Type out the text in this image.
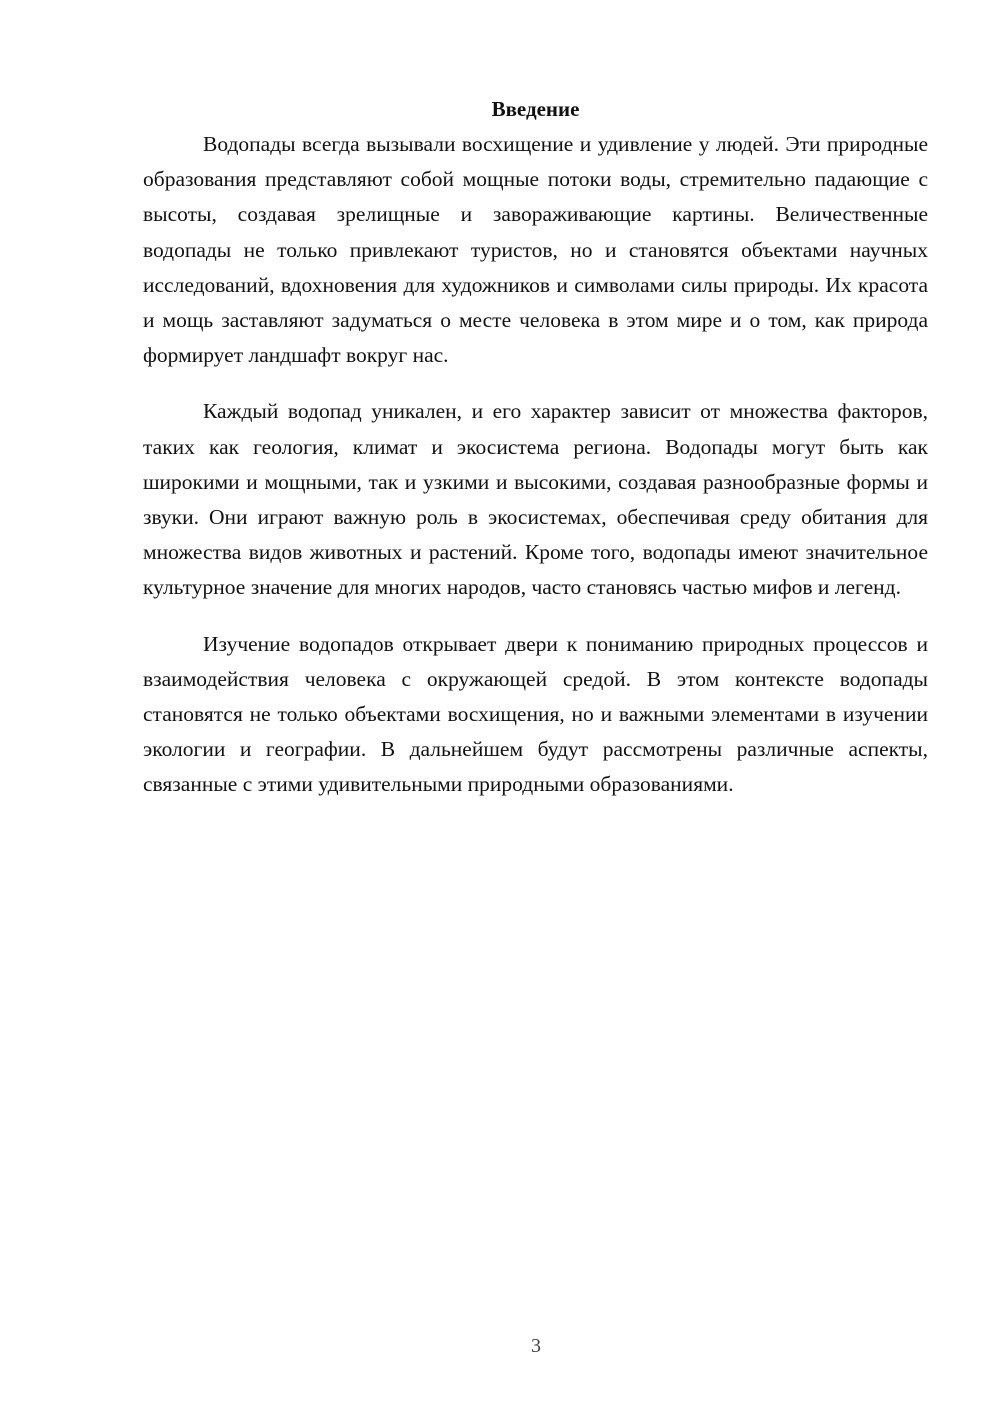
Введение

Водопады всегда вызывали восхищение и удивление у людей. Эти природные образования представляют собой мощные потоки воды, стремительно падающие с высоты, создавая зрелищные и завораживающие картины. Величественные водопады не только привлекают туристов, но и становятся объектами научных исследований, вдохновения для художников и символами силы природы. Их красота и мощь заставляют задуматься о месте человека в этом мире и о том, как природа формирует ландшафт вокруг нас.

Каждый водопад уникален, и его характер зависит от множества факторов, таких как геология, климат и экосистема региона. Водопады могут быть как широкими и мощными, так и узкими и высокими, создавая разнообразные формы и звуки. Они играют важную роль в экосистемах, обеспечивая среду обитания для множества видов животных и растений. Кроме того, водопады имеют значительное культурное значение для многих народов, часто становясь частью мифов и легенд.

Изучение водопадов открывает двери к пониманию природных процессов и взаимодействия человека с окружающей средой. В этом контексте водопады становятся не только объектами восхищения, но и важными элементами в изучении экологии и географии. В дальнейшем будут рассмотрены различные аспекты, связанные с этими удивительными природными образованиями.

3
